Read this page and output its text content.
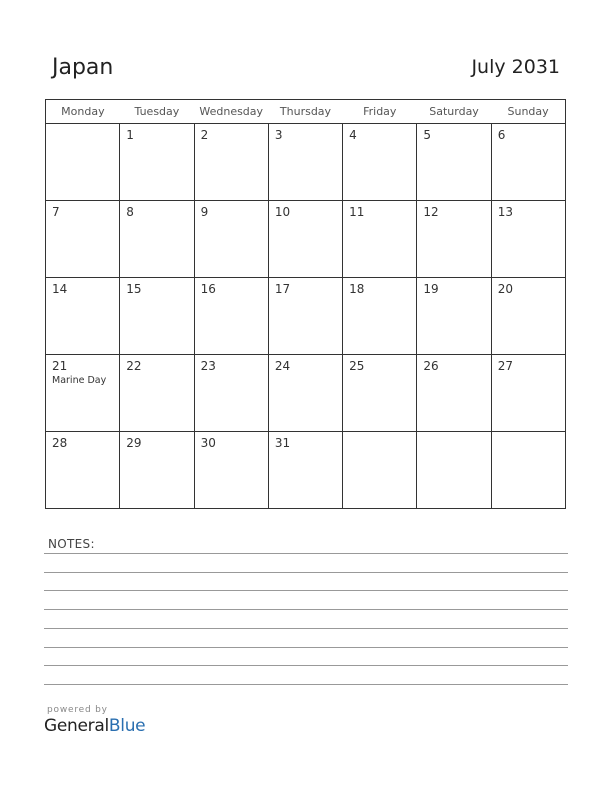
Japan	July 2031
Monday	Tuesday	Wednesday	Thursday	Friday	Saturday	Sunday

	1	2	3	4	5	6

7	8	9	10	11	12	13

14	15	16	17	18	19	20

21
Marine Day	22	23	24	25	26	27

28	29	30	31			

NOTES:
powered by
GeneralBlue
